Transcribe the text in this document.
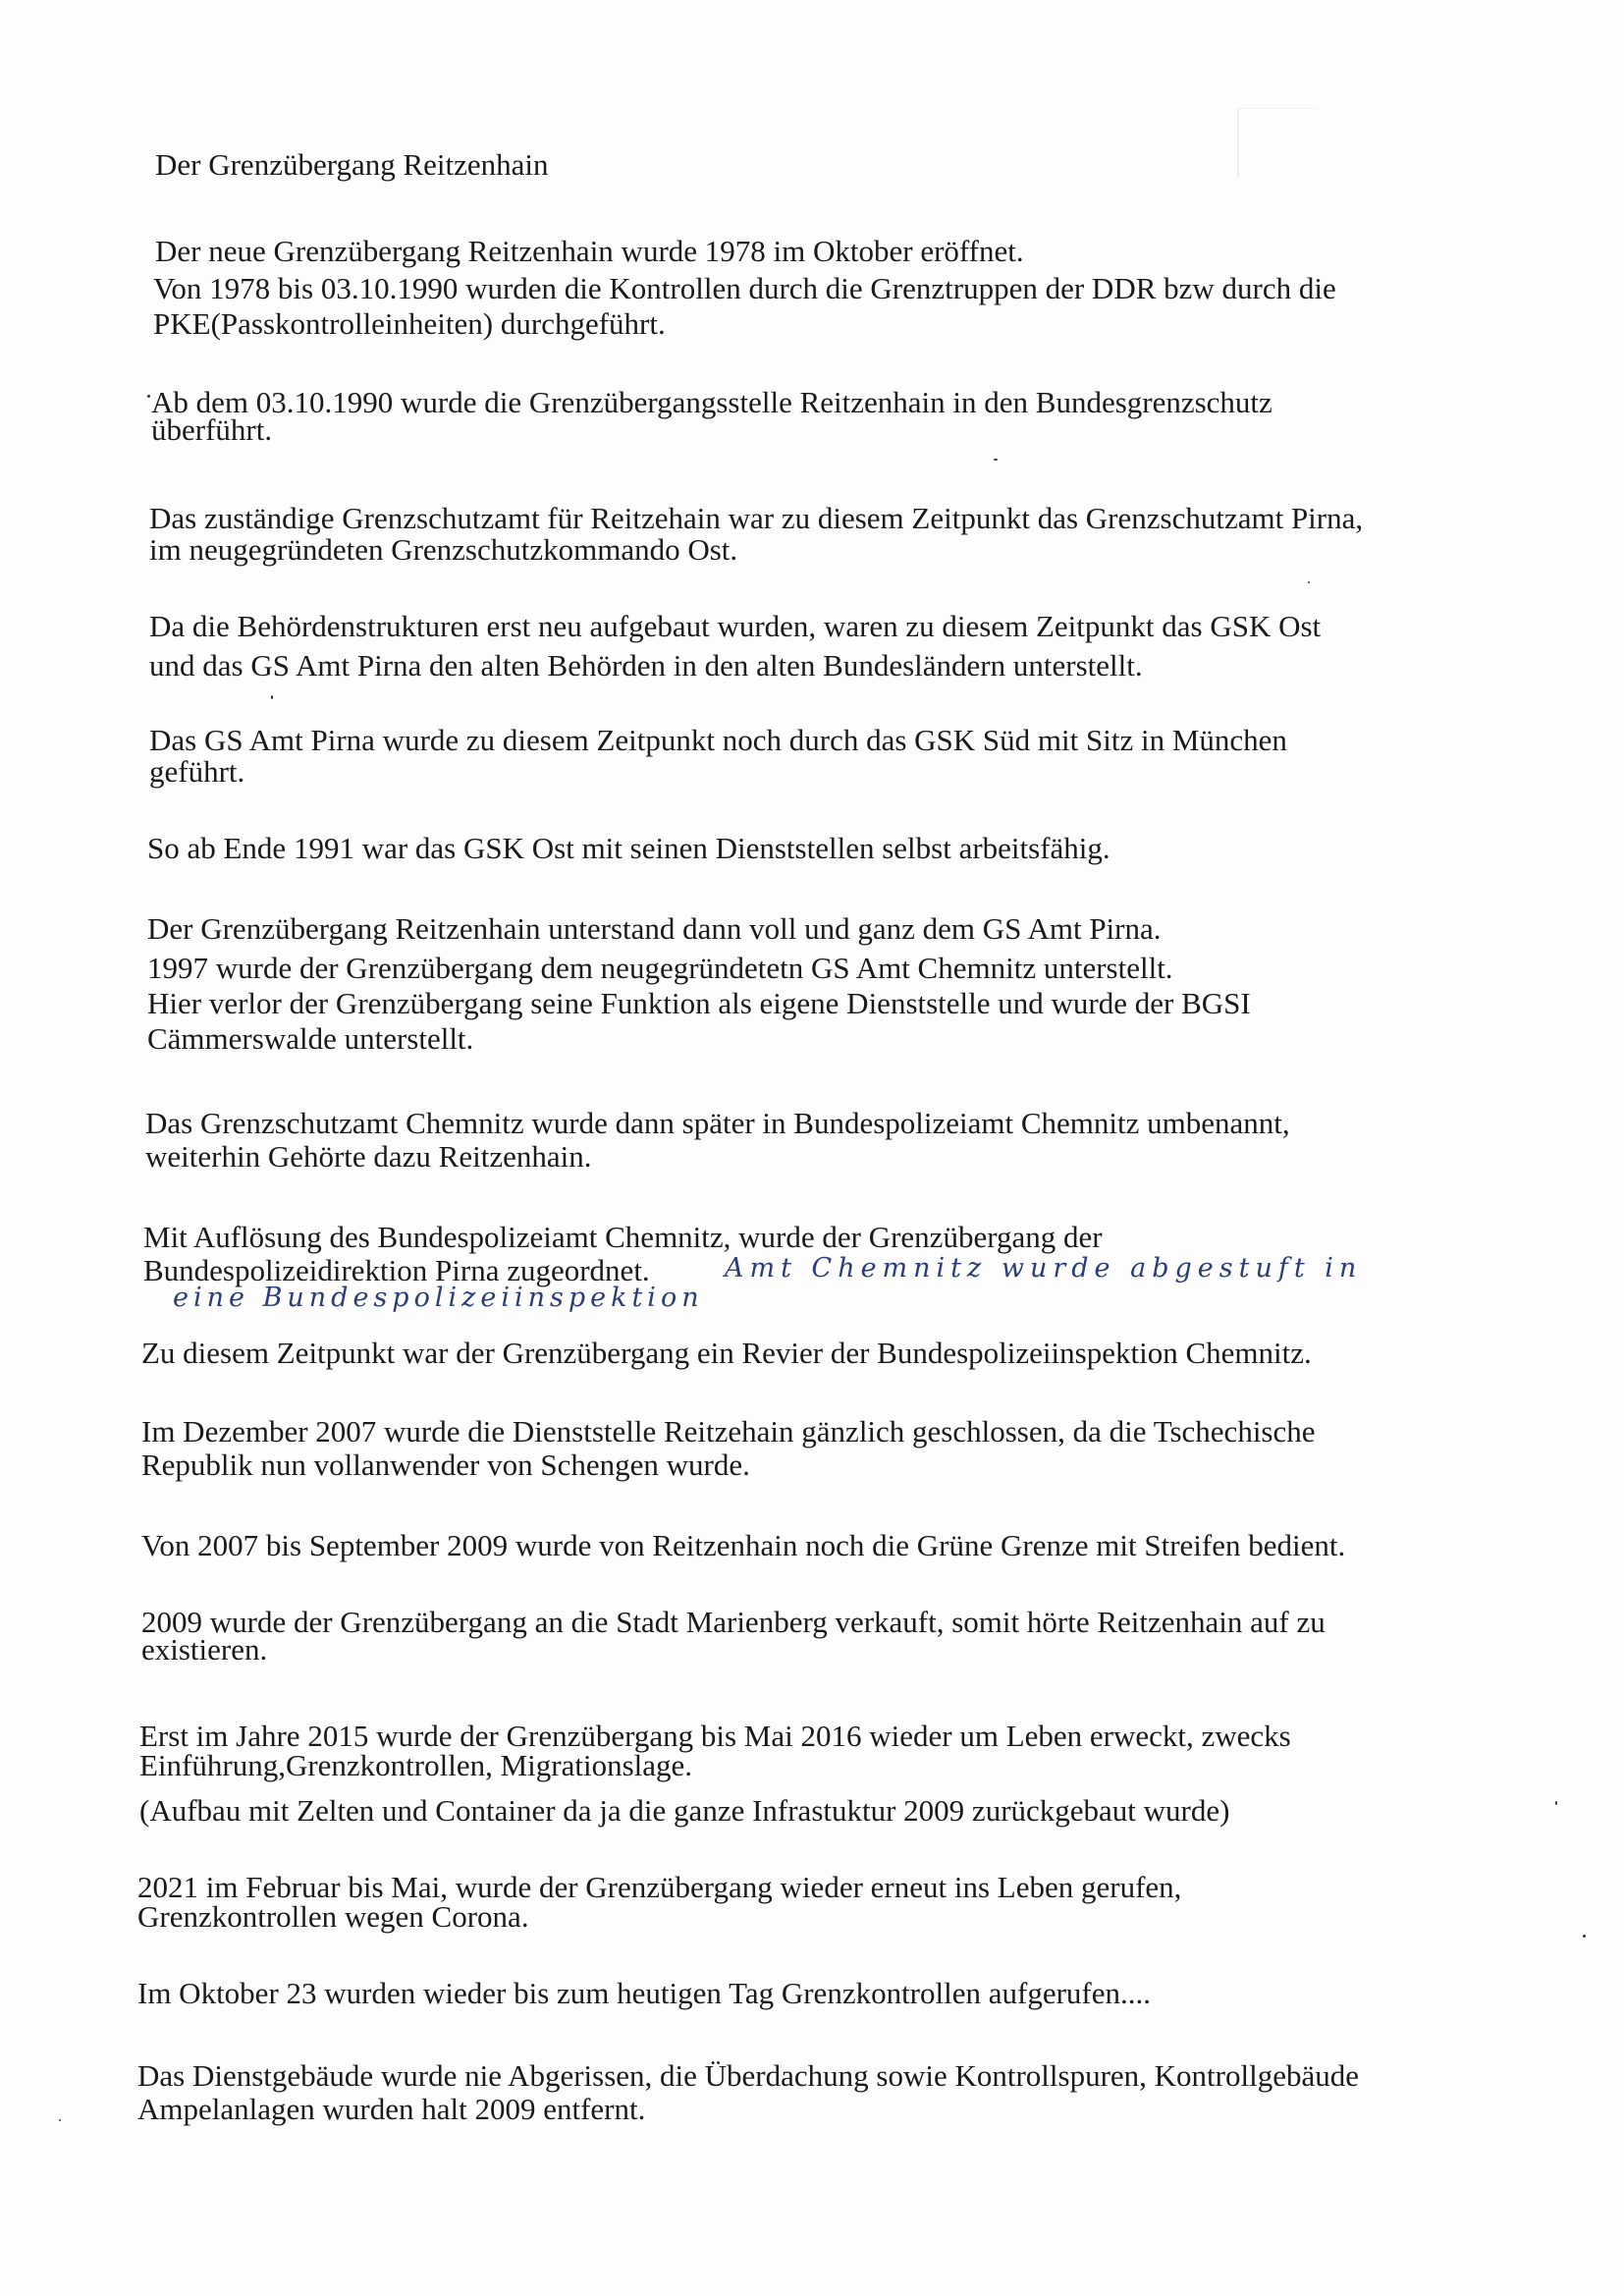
Der Grenzübergang Reitzenhain

Der neue Grenzübergang Reitzenhain wurde 1978 im Oktober eröffnet.

Von 1978 bis 03.10.1990 wurden die Kontrollen durch die Grenztruppen der DDR bzw durch die

PKE(Passkontrolleinheiten) durchgeführt.

Ab dem 03.10.1990 wurde die Grenzübergangsstelle Reitzenhain in den Bundesgrenzschutz

überführt.

Das zuständige Grenzschutzamt für Reitzehain war zu diesem Zeitpunkt das Grenzschutzamt Pirna,

im neugegründeten Grenzschutzkommando Ost.

Da die Behördenstrukturen erst neu aufgebaut wurden, waren zu diesem Zeitpunkt das GSK Ost

und das GS Amt Pirna den alten Behörden in den alten Bundesländern unterstellt.

Das GS Amt Pirna wurde zu diesem Zeitpunkt noch durch das GSK Süd mit Sitz in München

geführt.

So ab Ende 1991 war das GSK Ost mit seinen Dienststellen selbst arbeitsfähig.

Der Grenzübergang Reitzenhain unterstand dann voll und ganz dem GS Amt Pirna.

1997 wurde der Grenzübergang dem neugegründetetn GS Amt Chemnitz unterstellt.

Hier verlor der Grenzübergang seine Funktion als eigene Dienststelle und wurde der BGSI

Cämmerswalde unterstellt.

Das Grenzschutzamt Chemnitz wurde dann später in Bundespolizeiamt Chemnitz umbenannt,

weiterhin Gehörte dazu Reitzenhain.

Mit Auflösung des Bundespolizeiamt Chemnitz, wurde der Grenzübergang der

Bundespolizeidirektion Pirna zugeordnet.	Amt Chemnitz wurde abgestuft in

eine Bundespolizeiinspektion

Zu diesem Zeitpunkt war der Grenzübergang ein Revier der Bundespolizeiinspektion Chemnitz.

Im Dezember 2007 wurde die Dienststelle Reitzehain gänzlich geschlossen, da die Tschechische

Republik nun vollanwender von Schengen wurde.

Von 2007 bis September 2009 wurde von Reitzenhain noch die Grüne Grenze mit Streifen bedient.

2009 wurde der Grenzübergang an die Stadt Marienberg verkauft, somit hörte Reitzenhain auf zu

existieren.

Erst im Jahre 2015 wurde der Grenzübergang bis Mai 2016 wieder um Leben erweckt, zwecks

Einführung,Grenzkontrollen, Migrationslage.

(Aufbau mit Zelten und Container da ja die ganze Infrastuktur 2009 zurückgebaut wurde)

2021 im Februar bis Mai, wurde der Grenzübergang wieder erneut ins Leben gerufen,

Grenzkontrollen wegen Corona.

Im Oktober 23 wurden wieder bis zum heutigen Tag Grenzkontrollen aufgerufen....

Das Dienstgebäude wurde nie Abgerissen, die Überdachung sowie Kontrollspuren, Kontrollgebäude

Ampelanlagen wurden halt 2009 entfernt.
